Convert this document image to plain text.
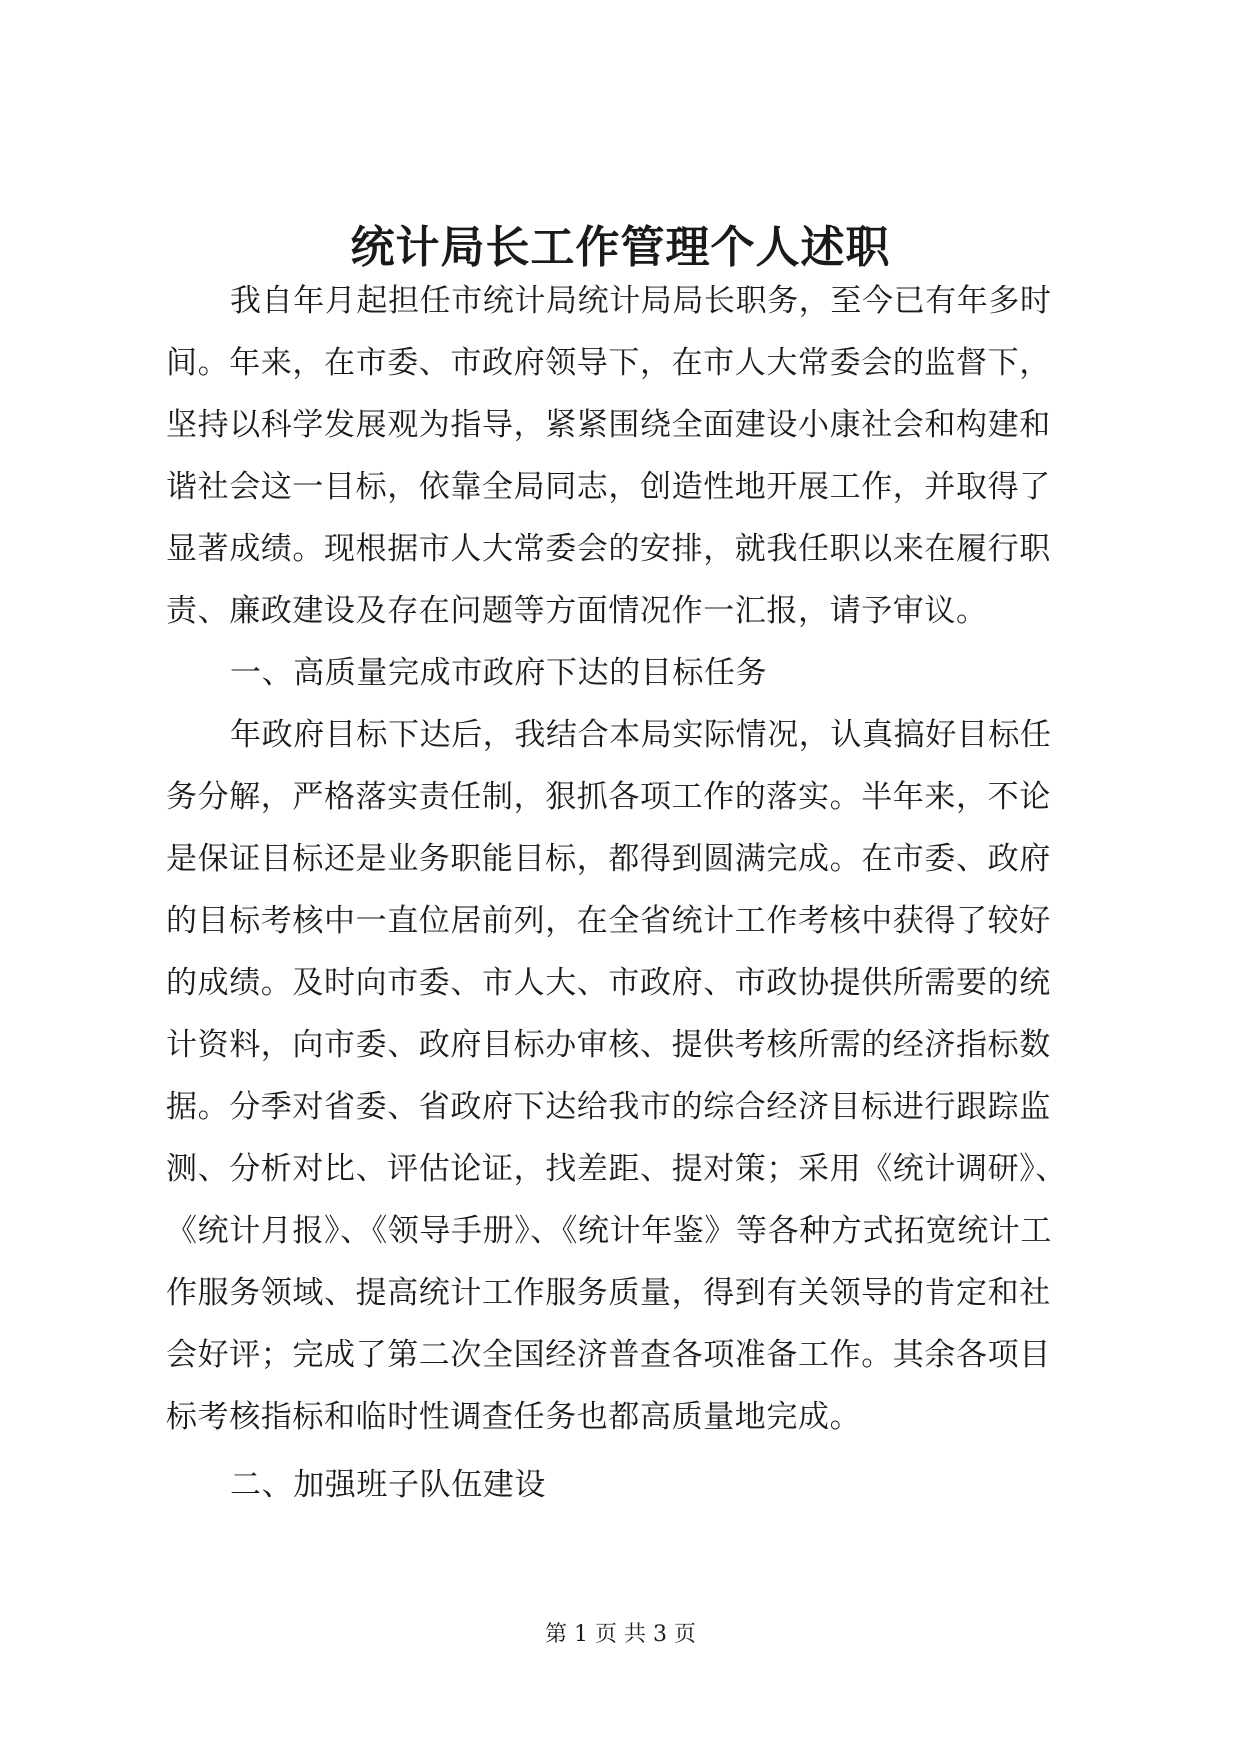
统计局长工作管理个人述职
我自年月起担任市统计局统计局局长职务，至今已有年多时
间。年来，在市委、市政府领导下，在市人大常委会的监督下，
坚持以科学发展观为指导，紧紧围绕全面建设小康社会和构建和
谐社会这一目标，依靠全局同志，创造性地开展工作，并取得了
显著成绩。现根据市人大常委会的安排，就我任职以来在履行职
责、廉政建设及存在问题等方面情况作一汇报，请予审议。
一、高质量完成市政府下达的目标任务
年政府目标下达后，我结合本局实际情况，认真搞好目标任
务分解，严格落实责任制，狠抓各项工作的落实。半年来，不论
是保证目标还是业务职能目标，都得到圆满完成。在市委、政府
的目标考核中一直位居前列，在全省统计工作考核中获得了较好
的成绩。及时向市委、市人大、市政府、市政协提供所需要的统
计资料，向市委、政府目标办审核、提供考核所需的经济指标数
据。分季对省委、省政府下达给我市的综合经济目标进行跟踪监
测、分析对比、评估论证，找差距、提对策；采用《统计调研》、
《统计月报》、《领导手册》、《统计年鉴》等各种方式拓宽统计工
作服务领域、提高统计工作服务质量，得到有关领导的肯定和社
会好评；完成了第二次全国经济普查各项准备工作。其余各项目
标考核指标和临时性调查任务也都高质量地完成。
二、加强班子队伍建设
第 1 页 共 3 页
